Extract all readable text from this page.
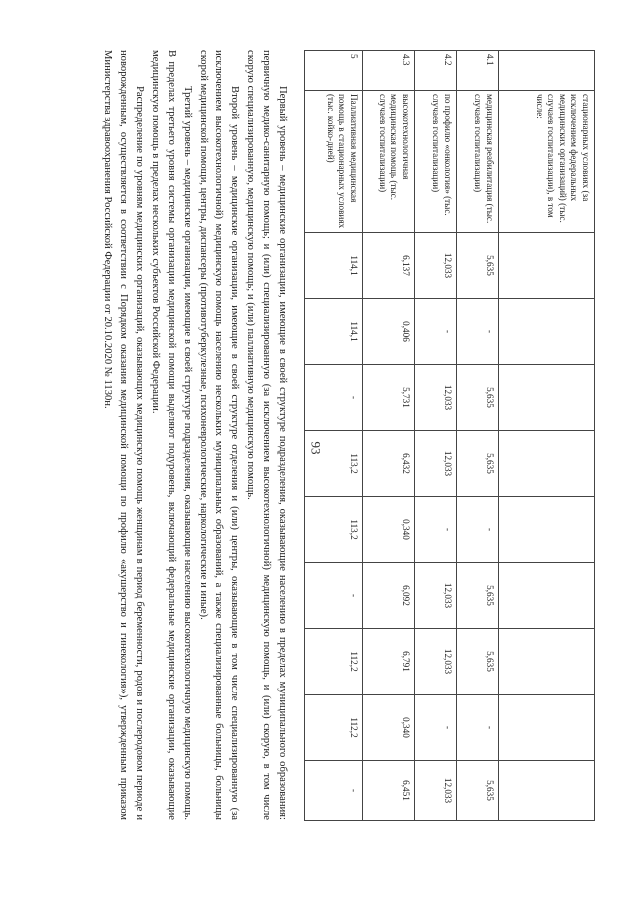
93
	стационарных условиях (за исключением федеральных медицинских организаций) (тыс. случаев госпитализации), в том числе:									
4.1	медицинская реабилитация (тыс. случаев госпитализации)	5,635	-	5,635	5,635	-	5,635	5,635	-	5,635
4.2	по профилю «онкология» (тыс. случаев госпитализации)	12,033	-	12,033	12,033	-	12,033	12,033	-	12,033
4.3	высокотехнологичная медицинская помощь (тыс. случаев госпитализации)	6,137	0,406	5,731	6,432	0,340	6,092	6,791	0,340	6,451
5	Паллиативная медицинская помощь в стационарных условиях (тыс. койко-дней)	114,1	114,1	-	113,2	113,2	-	112,2	112,2	-

Первый уровень – медицинские организации, имеющие в своей структуре подразделения, оказывающие населению в пределах муниципального образования: первичную медико-санитарную помощь; и (или) специализированную (за исключением высокотехнологичной) медицинскую помощь, и (или) скорую, в том числе скорую специализированную, медицинскую помощь; и (или) паллиативную медицинскую помощь.

Второй уровень – медицинские организации, имеющие в своей структуре отделения и (или) центры, оказывающие в том числе специализированную (за исключением высокотехнологичной) медицинскую помощь населению нескольких муниципальных образований, а также специализированные больницы, больницы скорой медицинской помощи, центры, диспансеры (противотуберкулезные, психоневрологические, наркологические и иные).

Третий уровень – медицинские организации, имеющие в своей структуре подразделения, оказывающие населению высокотехнологичную медицинскую помощь. В пределах третьего уровня системы организации медицинской помощи выделяют подуровень, включающий федеральные медицинские организации, оказывающие медицинскую помощь в пределах нескольких субъектов Российской Федерации.

Распределение по уровням медицинских организаций, оказывающих медицинскую помощь женщинам в период беременности, родов и послеродовом периоде и новорожденным, осуществляется в соответствии с Порядком оказания медицинской помощи по профилю «акушерство и гинекология»), утвержденным приказом Министерства здравоохранения Российской Федерации от 20.10.2020 № 1130н.
